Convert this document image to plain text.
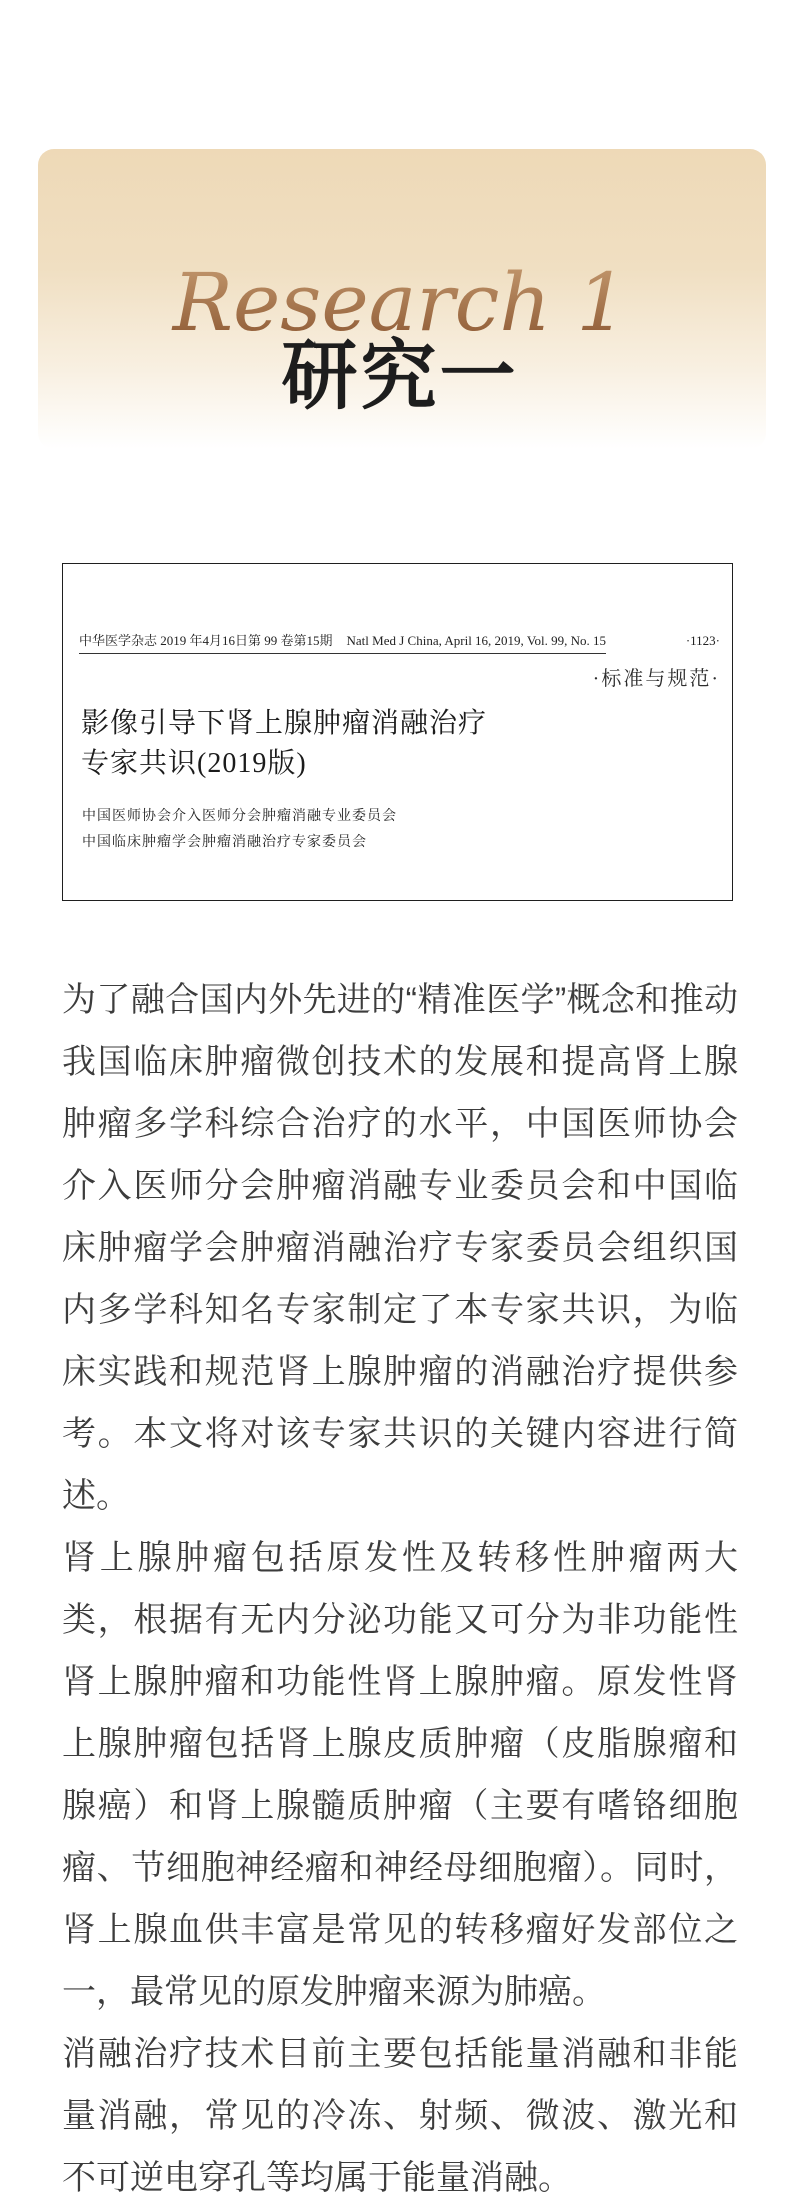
Research 1
研究一
中华医学杂志 2019 年4月16日第 99 卷第15期 Natl Med J China, April 16, 2019, Vol. 99, No. 15	·1123·
·标准与规范·
影像引导下肾上腺肿瘤消融治疗
专家共识(2019版)
中国医师协会介入医师分会肿瘤消融专业委员会
中国临床肿瘤学会肿瘤消融治疗专家委员会

为了融合国内外先进的“精准医学”概念和推动我国临床肿瘤微创技术的发展和提高肾上腺肿瘤多学科综合治疗的水平，中国医师协会介入医师分会肿瘤消融专业委员会和中国临床肿瘤学会肿瘤消融治疗专家委员会组织国内多学科知名专家制定了本专家共识，为临床实践和规范肾上腺肿瘤的消融治疗提供参考。本文将对该专家共识的关键内容进行简述。

肾上腺肿瘤包括原发性及转移性肿瘤两大类，根据有无内分泌功能又可分为非功能性肾上腺肿瘤和功能性肾上腺肿瘤。原发性肾上腺肿瘤包括肾上腺皮质肿瘤（皮脂腺瘤和腺癌）和肾上腺髓质肿瘤（主要有嗜铬细胞瘤、节细胞神经瘤和神经母细胞瘤）。同时，肾上腺血供丰富是常见的转移瘤好发部位之一，最常见的原发肿瘤来源为肺癌。

消融治疗技术目前主要包括能量消融和非能量消融，常见的冷冻、射频、微波、激光和不可逆电穿孔等均属于能量消融。
